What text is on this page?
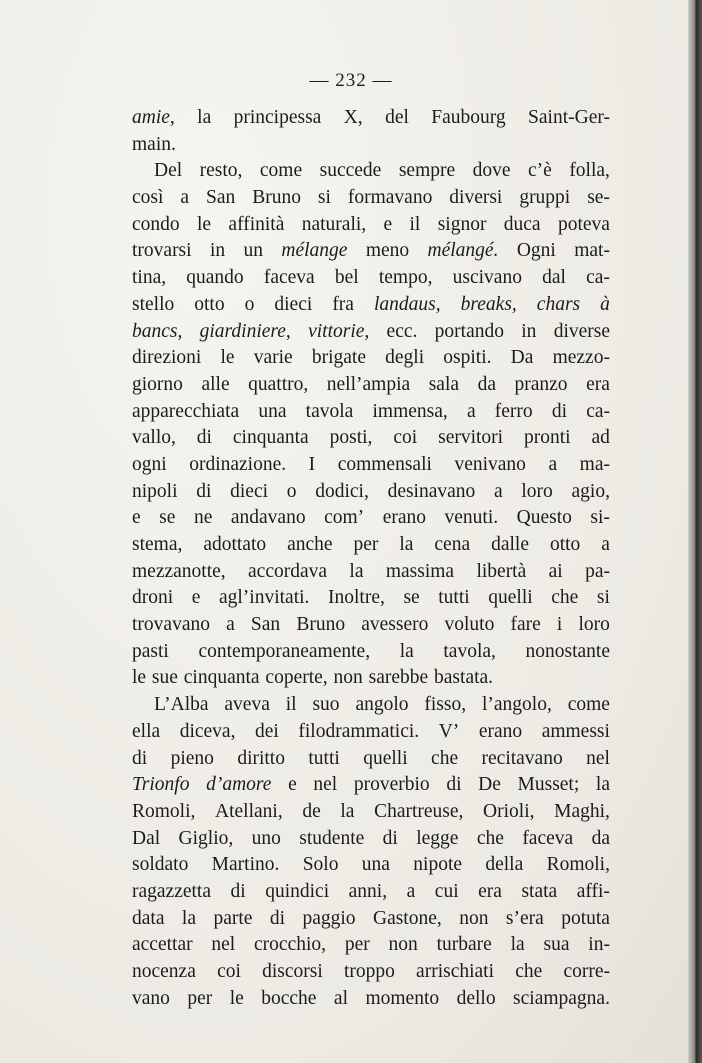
— 232 —
amie, la principessa X, del Faubourg Saint-Ger-
main.
Del resto, come succede sempre dove c’è folla,
così a San Bruno si formavano diversi gruppi se-
condo le affinità naturali, e il signor duca poteva
trovarsi in un mélange meno mélangé. Ogni mat-
tina, quando faceva bel tempo, uscivano dal ca-
stello otto o dieci fra landaus, breaks, chars à
bancs, giardiniere, vittorie, ecc. portando in diverse
direzioni le varie brigate degli ospiti. Da mezzo-
giorno alle quattro, nell’ampia sala da pranzo era
apparecchiata una tavola immensa, a ferro di ca-
vallo, di cinquanta posti, coi servitori pronti ad
ogni ordinazione. I commensali venivano a ma-
nipoli di dieci o dodici, desinavano a loro agio,
e se ne andavano com’ erano venuti. Questo si-
stema, adottato anche per la cena dalle otto a
mezzanotte, accordava la massima libertà ai pa-
droni e agl’invitati. Inoltre, se tutti quelli che si
trovavano a San Bruno avessero voluto fare i loro
pasti contemporaneamente, la tavola, nonostante
le sue cinquanta coperte, non sarebbe bastata.
L’Alba aveva il suo angolo fisso, l’angolo, come
ella diceva, dei filodrammatici. V’ erano ammessi
di pieno diritto tutti quelli che recitavano nel
Trionfo d’amore e nel proverbio di De Musset; la
Romoli, Atellani, de la Chartreuse, Orioli, Maghi,
Dal Giglio, uno studente di legge che faceva da
soldato Martino. Solo una nipote della Romoli,
ragazzetta di quindici anni, a cui era stata affi-
data la parte di paggio Gastone, non s’era potuta
accettar nel crocchio, per non turbare la sua in-
nocenza coi discorsi troppo arrischiati che corre-
vano per le bocche al momento dello sciampagna.
